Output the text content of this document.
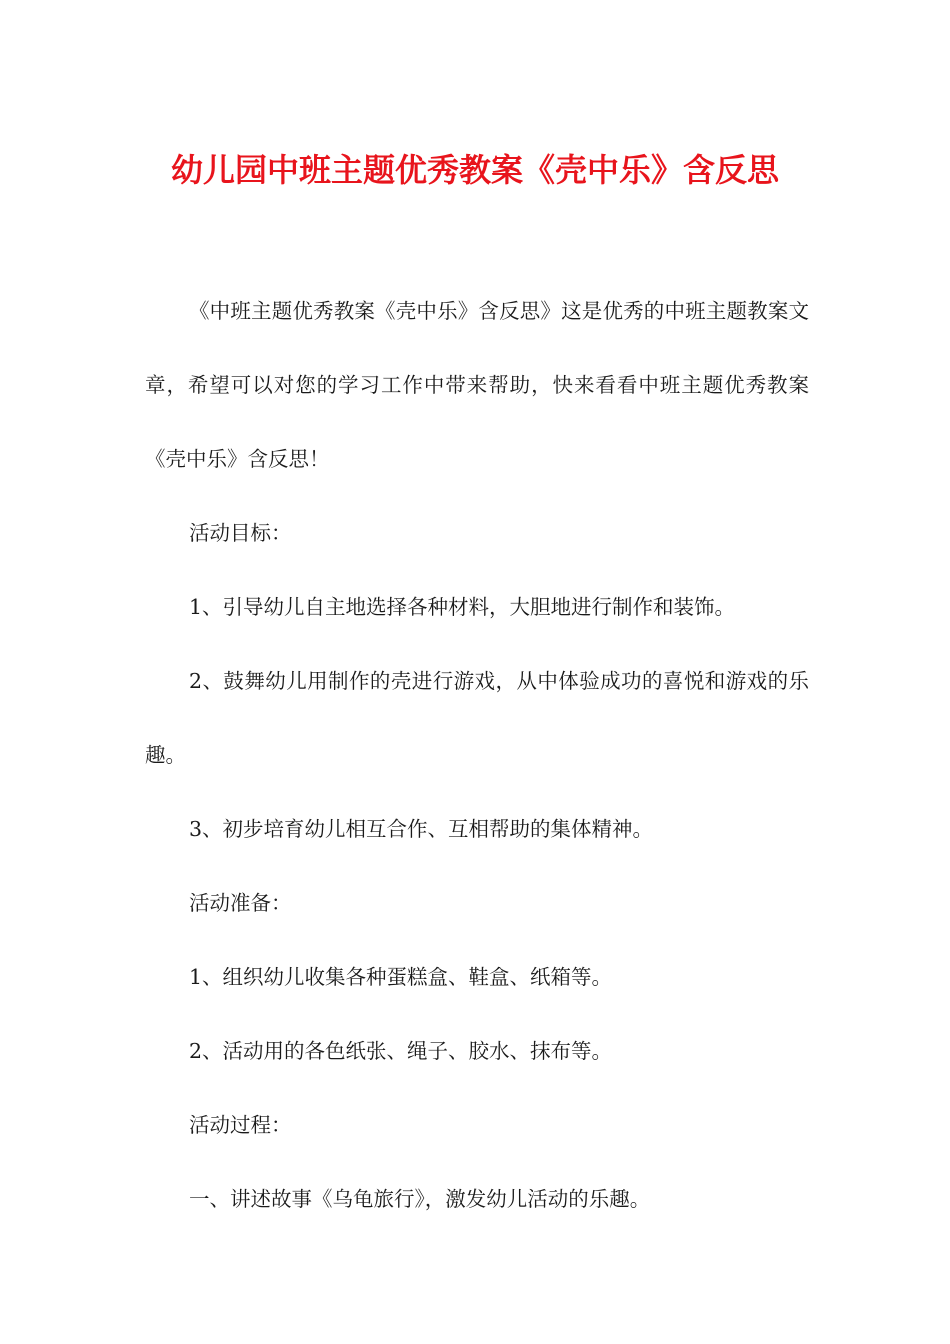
幼儿园中班主题优秀教案《壳中乐》含反思

《中班主题优秀教案《壳中乐》含反思》这是优秀的中班主题教案文章，希望可以对您的学习工作中带来帮助，快来看看中班主题优秀教案《壳中乐》含反思！

活动目标：

1、引导幼儿自主地选择各种材料，大胆地进行制作和装饰。

2、鼓舞幼儿用制作的壳进行游戏，从中体验成功的喜悦和游戏的乐趣。

3、初步培育幼儿相互合作、互相帮助的集体精神。

活动准备：

1、组织幼儿收集各种蛋糕盒、鞋盒、纸箱等。

2、活动用的各色纸张、绳子、胶水、抹布等。

活动过程：

一、讲述故事《乌龟旅行》，激发幼儿活动的乐趣。
